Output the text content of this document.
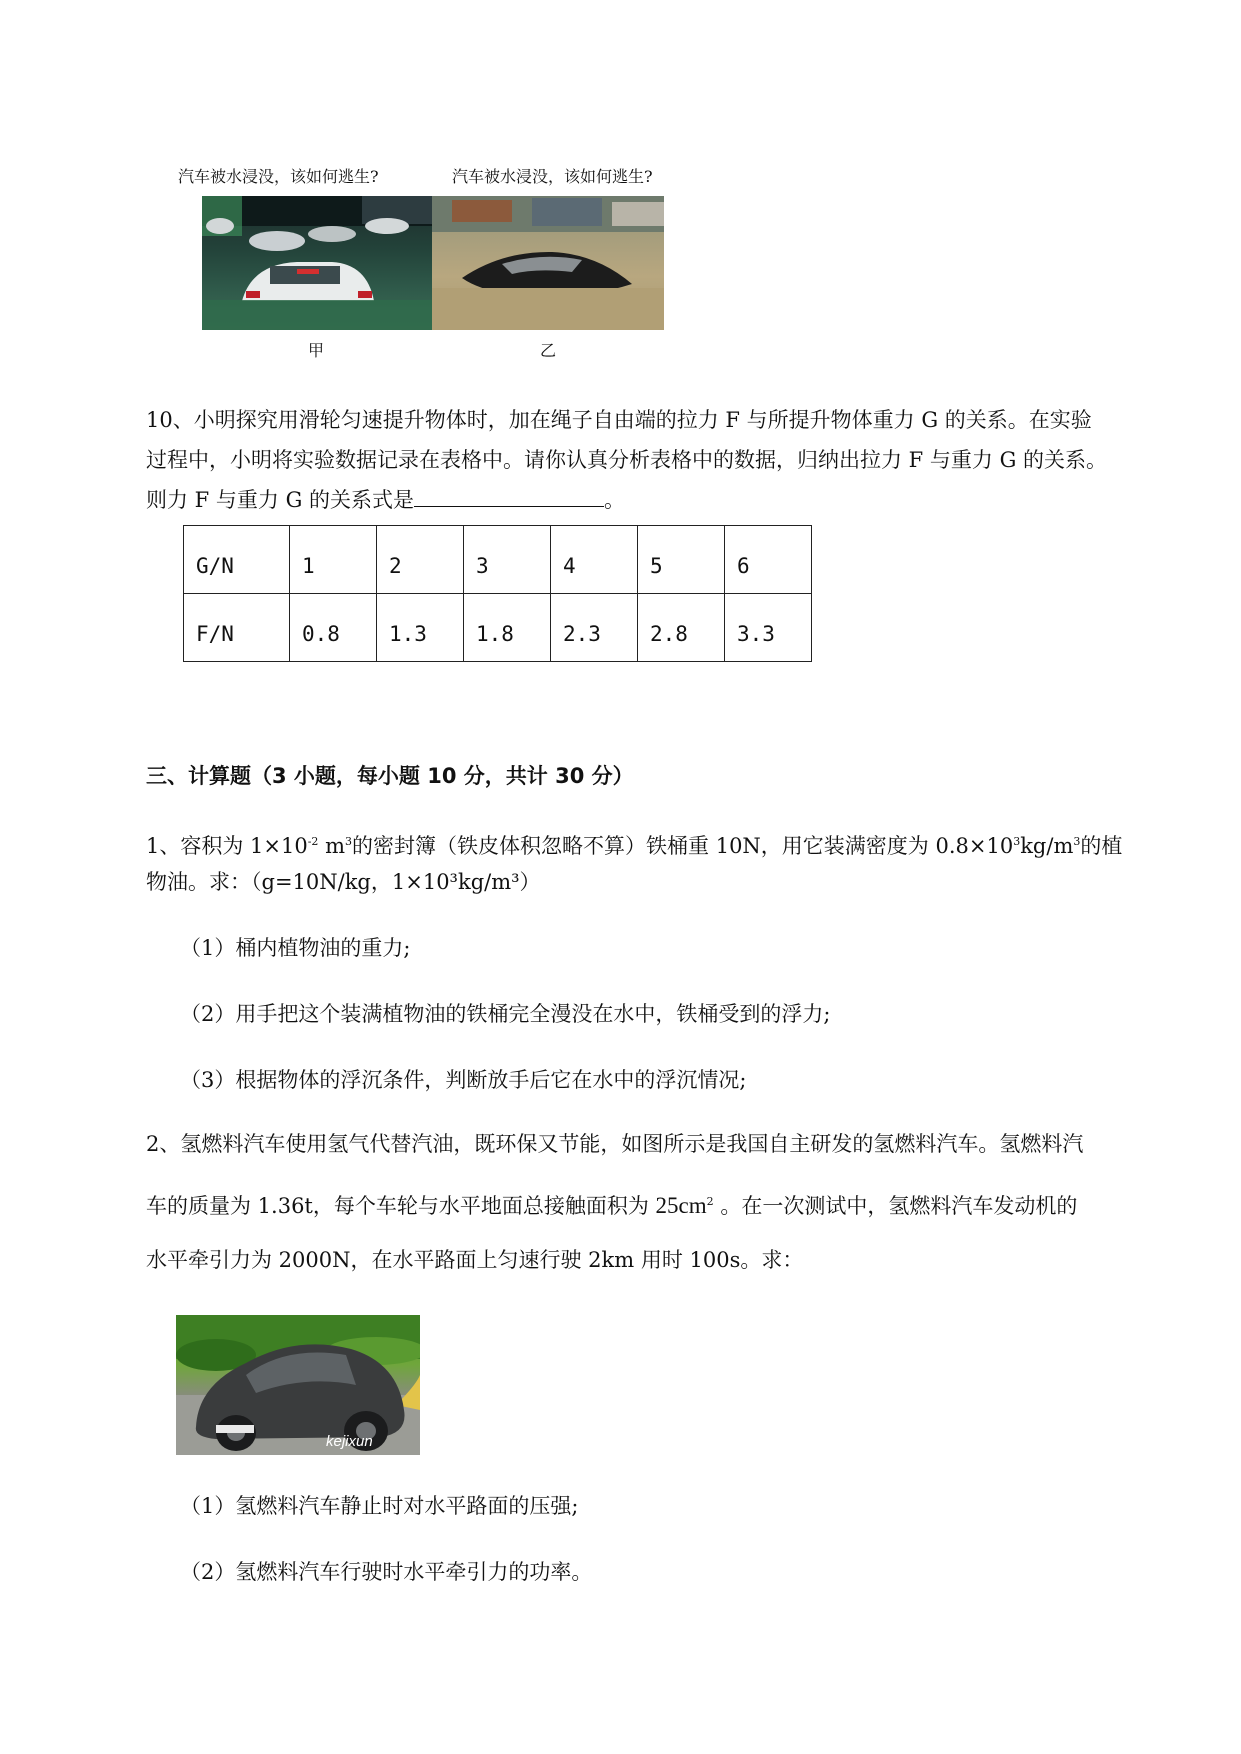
汽车被水浸没，该如何逃生?	汽车被水浸没，该如何逃生?
甲	乙
10、小明探究用滑轮匀速提升物体时，加在绳子自由端的拉力 F 与所提升物体重力 G 的关系。在实验
过程中，小明将实验数据记录在表格中。请你认真分析表格中的数据，归纳出拉力 F 与重力 G 的关系。
则力 F 与重力 G 的关系式是	。
G/N	1	2	3	4	5	6
F/N	0.8	1.3	1.8	2.3	2.8	3.3
三、计算题（3 小题，每小题 10 分，共计 30 分）
1、容积为 $1\times 10^{-2}$ $m^3$的密封簿（铁皮体积忽略不算）铁桶重 10N，用它装满密度为 $0.8\times 10^3kg/m^3$的植
物油。求：（g=10N/kg，1×10³kg/m³）
（1）桶内植物油的重力;
（2）用手把这个装满植物油的铁桶完全漫没在水中，铁桶受到的浮力;
（3）根据物体的浮沉条件，判断放手后它在水中的浮沉情况;
2、氢燃料汽车使用氢气代替汽油，既环保又节能，如图所示是我国自主研发的氢燃料汽车。氢燃料汽
车的质量为 1.36t，每个车轮与水平地面总接触面积为 $25cm^2$ 。在一次测试中，氢燃料汽车发动机的
水平牵引力为 2000N，在水平路面上匀速行驶 2km 用时 100s。求：
kejixun
（1）氢燃料汽车静止时对水平路面的压强;
（2）氢燃料汽车行驶时水平牵引力的功率。
